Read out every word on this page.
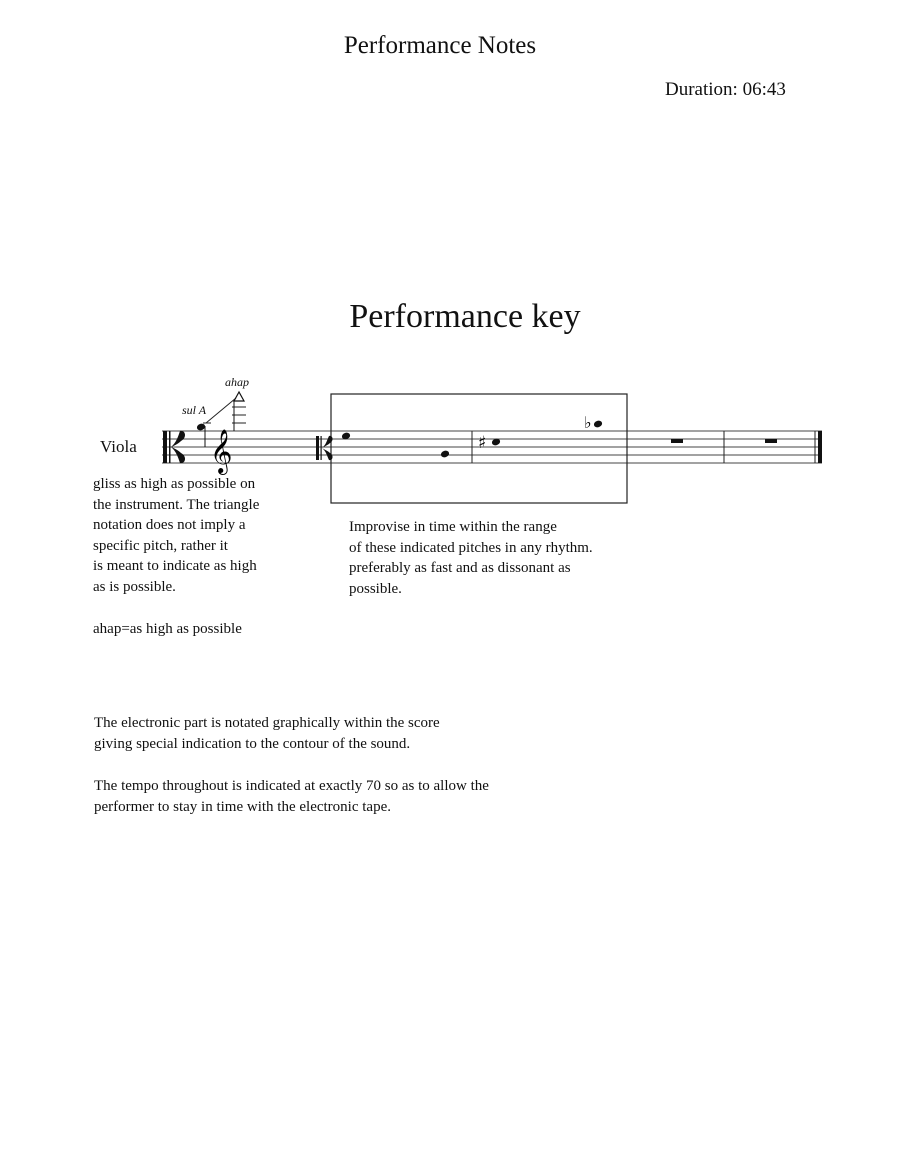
Performance Notes
Duration: 06:43
Performance key
Viola
ahap
sul A
𝄞	♯
♭
gliss as high as possible on
the instrument. The triangle
notation does not imply a
specific pitch, rather it
is meant to indicate as high
as is possible.
ahap=as high as possible
Improvise in time within the range
of these indicated pitches in any rhythm.
preferably as fast and as dissonant as
possible.
The electronic part is notated graphically within the score
giving special indication to the contour of the sound.
The tempo throughout is indicated at exactly 70 so as to allow the
performer to stay in time with the electronic tape.
